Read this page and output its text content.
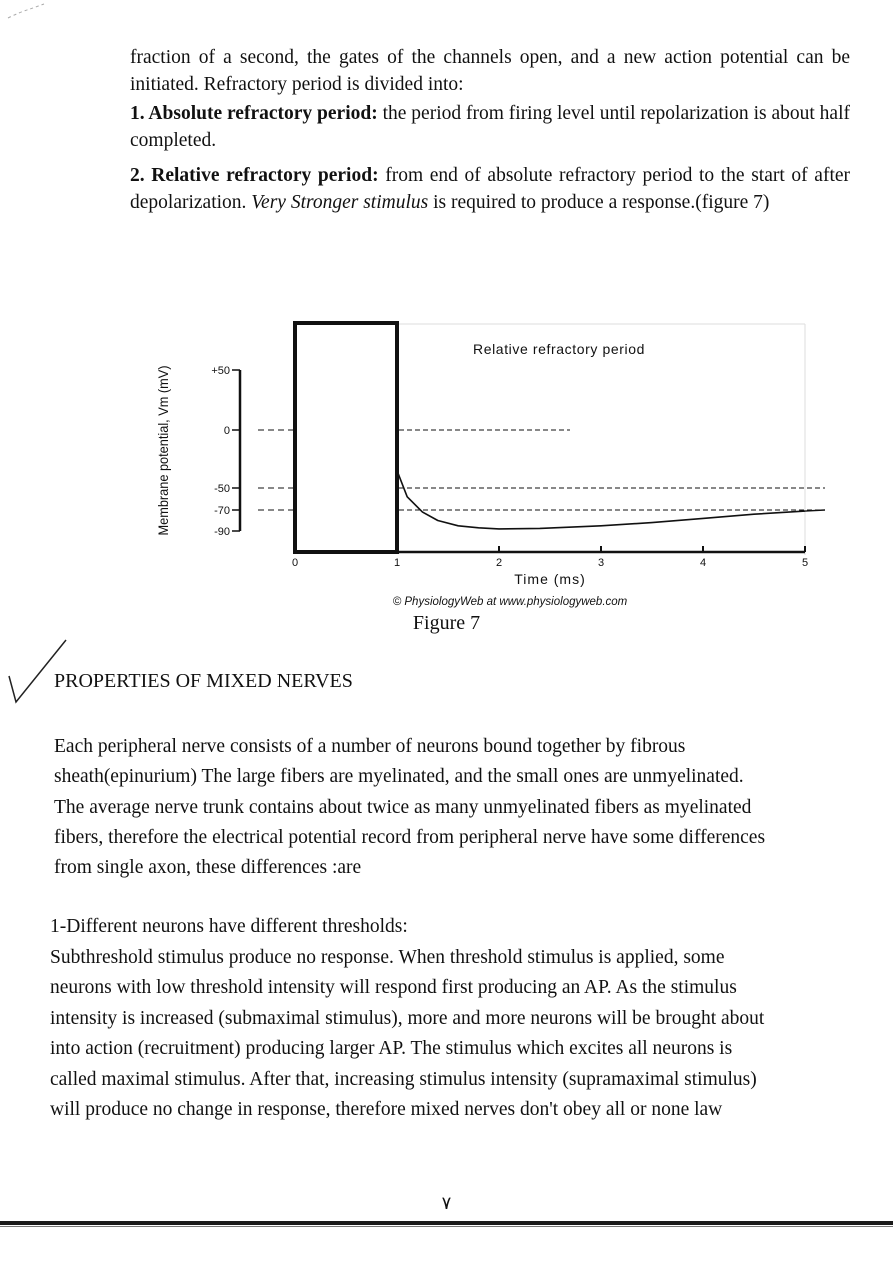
fraction of a second, the gates of the channels open, and a new action potential can be initiated. Refractory period is divided into:
1. Absolute refractory period: the period from firing level until repolarization is about half completed.
2. Relative refractory period: from end of absolute refractory period to the start of after depolarization. Very Stronger stimulus is required to produce a response.(figure 7)
+50
0
-50
-70
-90
Membrane potential, Vm (mV)
0	1	2	3	4	5
Time (ms)
© PhysiologyWeb at www.physiologyweb.com
Relative refractory period

Figure 7

PROPERTIES OF MIXED NERVES

Each peripheral nerve consists of a number of neurons bound together by fibrous sheath(epinurium) The large fibers are myelinated, and the small ones are unmyelinated. The average nerve trunk contains about twice as many unmyelinated fibers as myelinated fibers, therefore the electrical potential record from peripheral nerve have some differences from single axon, these differences :are

1-Different neurons have different thresholds:
Subthreshold stimulus produce no response. When threshold stimulus is applied, some neurons with low threshold intensity will respond first producing an AP. As the stimulus intensity is increased (submaximal stimulus), more and more neurons will be brought about into action (recruitment) producing larger AP. The stimulus which excites all neurons is called maximal stimulus. After that, increasing stimulus intensity (supramaximal stimulus) will produce no change in response, therefore mixed nerves don't obey all or none law

٧
